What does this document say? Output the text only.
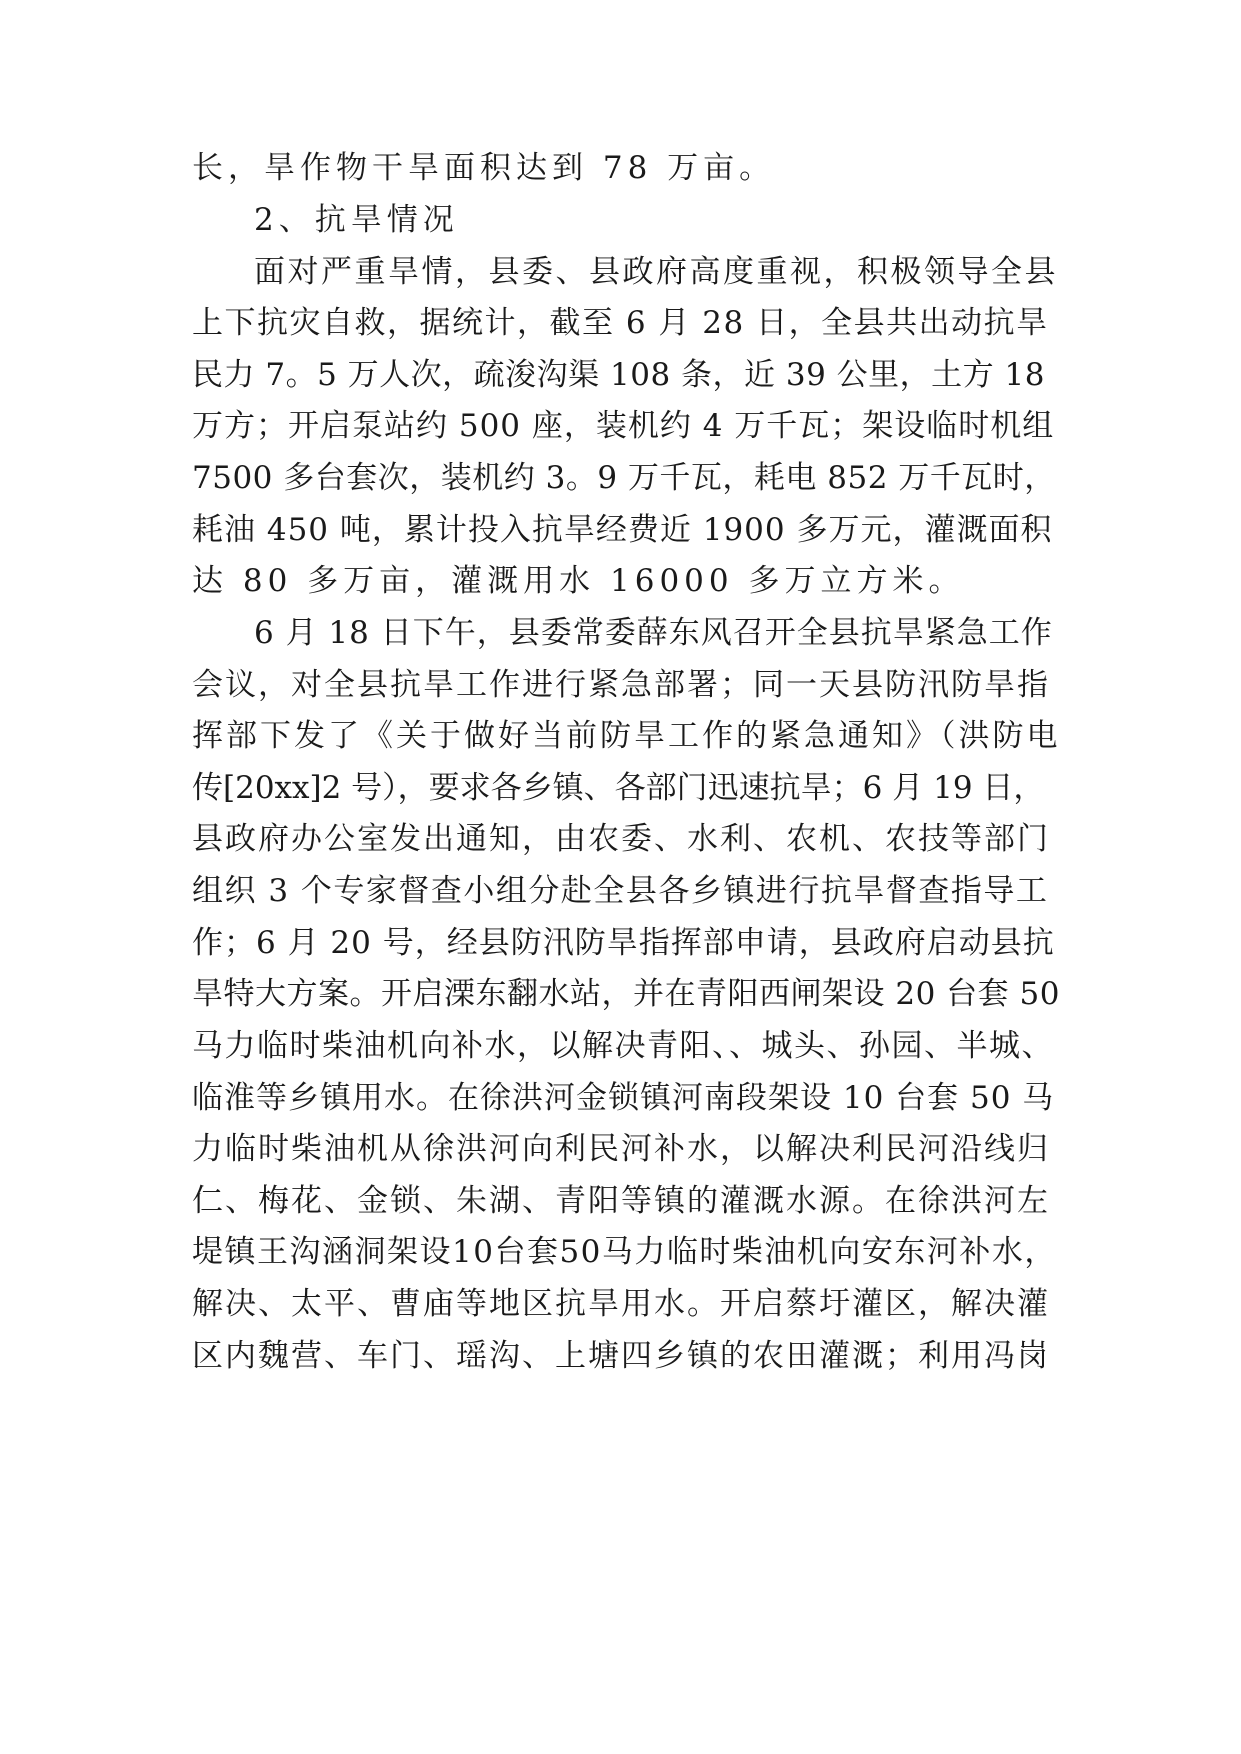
长，旱作物干旱面积达到 78 万亩。
2、抗旱情况
面对严重旱情，县委、县政府高度重视，积极领导全县
上下抗灾自救，据统计，截至 6 月 28 日，全县共出动抗旱
民力 7。5 万人次，疏浚沟渠 108 条，近 39 公里，土方 18
万方；开启泵站约 500 座，装机约 4 万千瓦；架设临时机组
7500 多台套次，装机约 3。9 万千瓦，耗电 852 万千瓦时，
耗油 450 吨，累计投入抗旱经费近 1900 多万元，灌溉面积
达 80 多万亩，灌溉用水 16000 多万立方米。
6 月 18 日下午，县委常委薛东风召开全县抗旱紧急工作
会议，对全县抗旱工作进行紧急部署；同一天县防汛防旱指
挥部下发了《关于做好当前防旱工作的紧急通知》（洪防电
传[20xx]2 号），要求各乡镇、各部门迅速抗旱；6 月 19 日，
县政府办公室发出通知，由农委、水利、农机、农技等部门
组织 3 个专家督查小组分赴全县各乡镇进行抗旱督查指导工
作；6 月 20 号，经县防汛防旱指挥部申请，县政府启动县抗
旱特大方案。开启溧东翻水站，并在青阳西闸架设 20 台套 50
马力临时柴油机向补水，以解决青阳、、城头、孙园、半城、
临淮等乡镇用水。在徐洪河金锁镇河南段架设 10 台套 50 马
力临时柴油机从徐洪河向利民河补水，以解决利民河沿线归
仁、梅花、金锁、朱湖、青阳等镇的灌溉水源。在徐洪河左
堤镇王沟涵洞架设10台套50马力临时柴油机向安东河补水，
解决、太平、曹庙等地区抗旱用水。开启蔡圩灌区，解决灌
区内魏营、车门、瑶沟、上塘四乡镇的农田灌溉；利用冯岗
